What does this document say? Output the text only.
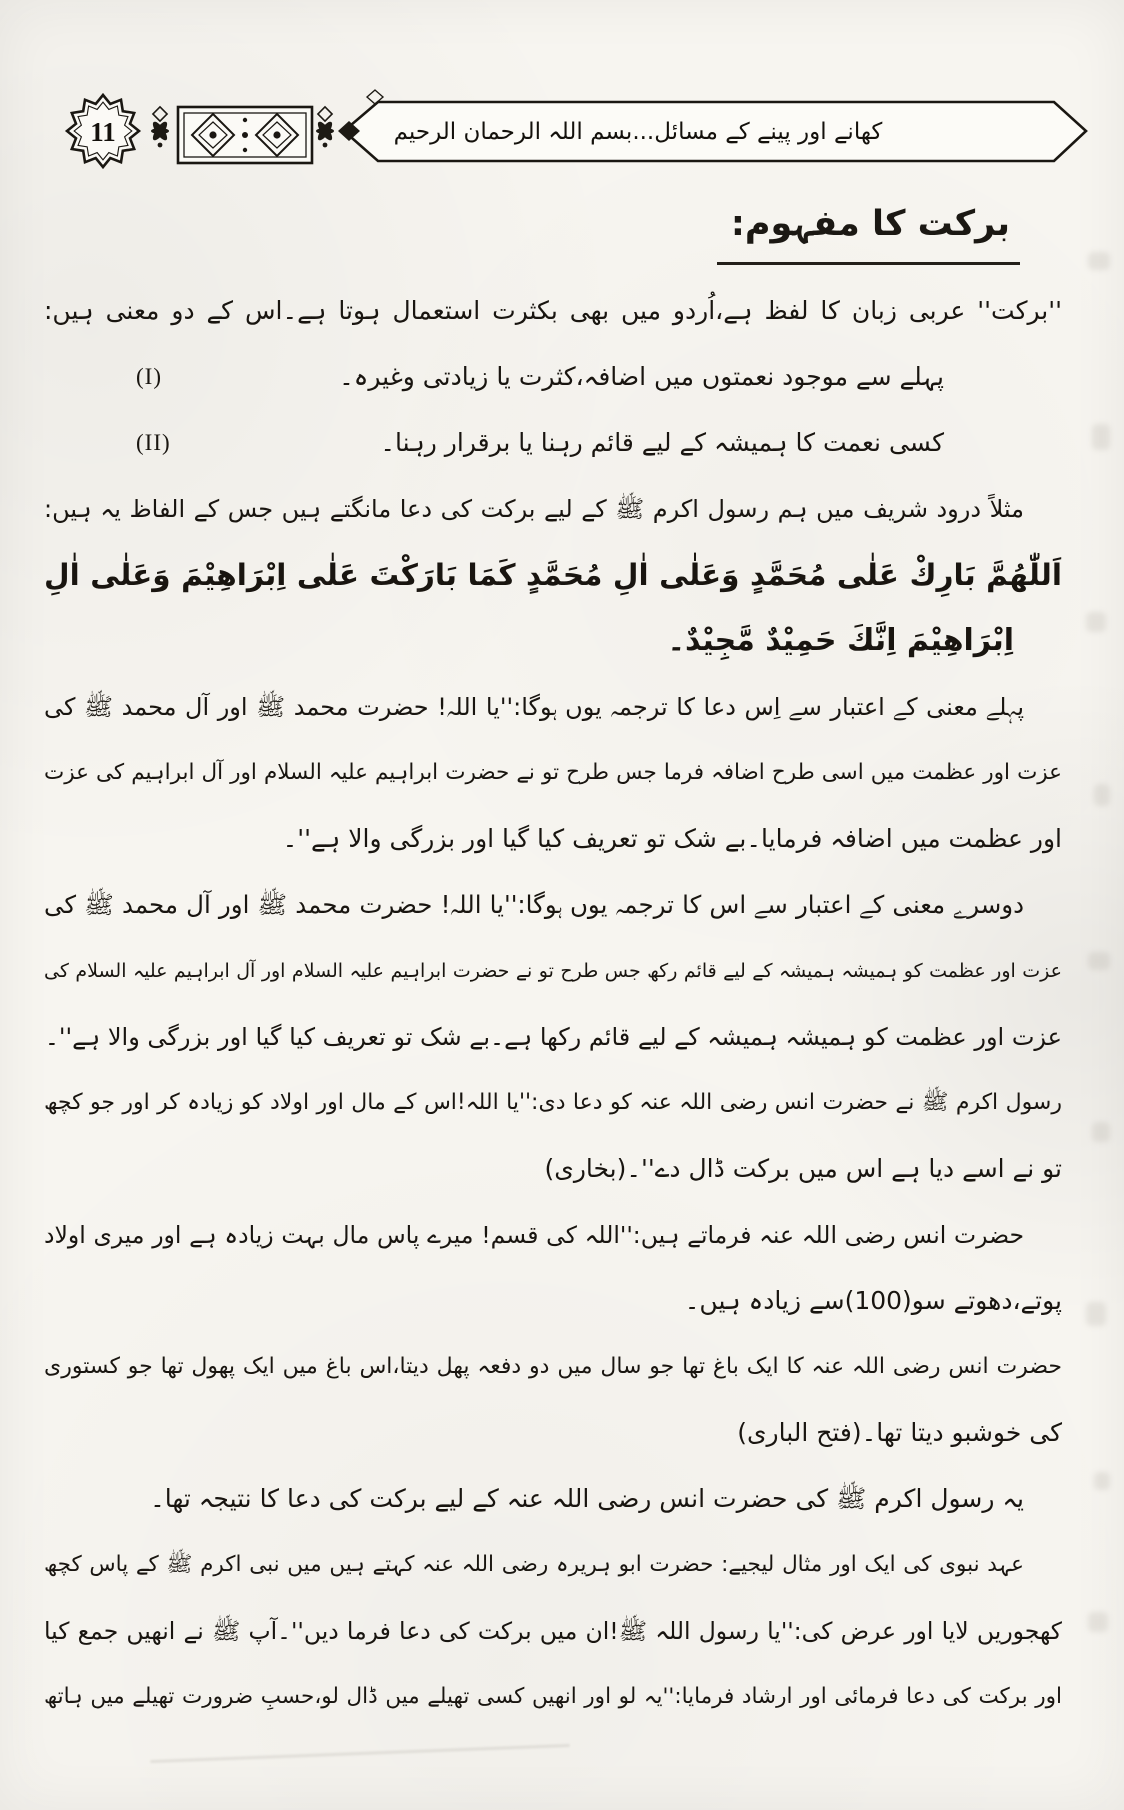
11	کھانے اور پینے کے مسائل...بسم اللہ الرحمان الرحیم
برکت کا مفہوم:
''برکت'' عربی زبان کا لفظ ہے،اُردو میں بھی بکثرت استعمال ہوتا ہے۔اس کے دو معنی ہیں:
پہلے سے موجود نعمتوں میں اضافہ،کثرت یا زیادتی وغیرہ۔
(I)
کسی نعمت کا ہمیشہ کے لیے قائم رہنا یا برقرار رہنا۔
(II)
مثلاً درود شریف میں ہم رسول اکرم ﷺ کے لیے برکت کی دعا مانگتے ہیں جس کے الفاظ یہ ہیں:
اَللّٰهُمَّ بَارِكْ عَلٰى مُحَمَّدٍ وَعَلٰى اٰلِ مُحَمَّدٍ كَمَا بَارَكْتَ عَلٰى اِبْرَاهِيْمَ وَعَلٰى اٰلِ
اِبْرَاهِيْمَ اِنَّكَ حَمِيْدٌ مَّجِيْدٌ۔
پہلے معنی کے اعتبار سے اِس دعا کا ترجمہ یوں ہوگا:''یا اللہ! حضرت محمد ﷺ اور آل محمد ﷺ کی
عزت اور عظمت میں اسی طرح اضافہ فرما جس طرح تو نے حضرت ابراہیم علیہ السلام اور آل ابراہیم کی عزت
اور عظمت میں اضافہ فرمایا۔بے شک تو تعریف کیا گیا اور بزرگی والا ہے''۔
دوسرے معنی کے اعتبار سے اس کا ترجمہ یوں ہوگا:''یا اللہ! حضرت محمد ﷺ اور آل محمد ﷺ کی
عزت اور عظمت کو ہمیشہ ہمیشہ کے لیے قائم رکھ جس طرح تو نے حضرت ابراہیم علیہ السلام اور آل ابراہیم علیہ السلام کی
عزت اور عظمت کو ہمیشہ ہمیشہ کے لیے قائم رکھا ہے۔بے شک تو تعریف کیا گیا اور بزرگی والا ہے''۔
رسول اکرم ﷺ نے حضرت انس رضی اللہ عنہ کو دعا دی:''یا اللہ!اس کے مال اور اولاد کو زیادہ کر اور جو کچھ
تو نے اسے دیا ہے اس میں برکت ڈال دے''۔(بخاری)
حضرت انس رضی اللہ عنہ فرماتے ہیں:''اللہ کی قسم! میرے پاس مال بہت زیادہ ہے اور میری اولاد
پوتے،دھوتے سو(100)سے زیادہ ہیں۔
حضرت انس رضی اللہ عنہ کا ایک باغ تھا جو سال میں دو دفعہ پھل دیتا،اس باغ میں ایک پھول تھا جو کستوری
کی خوشبو دیتا تھا۔(فتح الباری)
یہ رسول اکرم ﷺ کی حضرت انس رضی اللہ عنہ کے لیے برکت کی دعا کا نتیجہ تھا۔
عہد نبوی کی ایک اور مثال لیجیے: حضرت ابو ہریرہ رضی اللہ عنہ کہتے ہیں میں نبی اکرم ﷺ کے پاس کچھ
کھجوریں لایا اور عرض کی:''یا رسول اللہ ﷺ!ان میں برکت کی دعا فرما دیں''۔آپ ﷺ نے انھیں جمع کیا
اور برکت کی دعا فرمائی اور ارشاد فرمایا:''یہ لو اور انھیں کسی تھیلے میں ڈال لو،حسبِ ضرورت تھیلے میں ہاتھ
